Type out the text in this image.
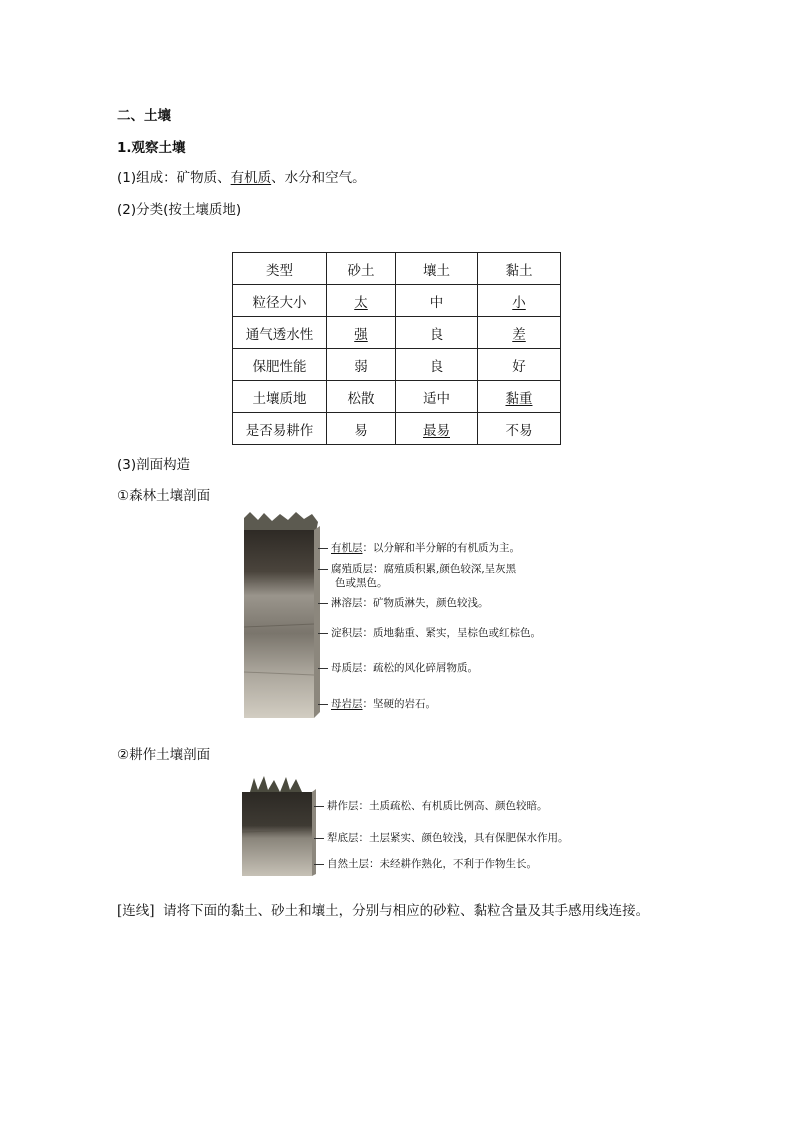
二、土壤
1.观察土壤
(1)组成：矿物质、有机质、水分和空气。
(2)分类(按土壤质地)
类型	砂土	壤土	黏土
粒径大小	太	中	小
通气透水性	强	良	差
保肥性能	弱	良	好
土壤质地	松散	适中	黏重
是否易耕作	易	最易	不易
(3)剖面构造
①森林土壤剖面
有机层：以分解和半分解的有机质为主。
腐殖质层：腐殖质积累,颜色较深,呈灰黑
色或黑色。
淋溶层：矿物质淋失，颜色较浅。
淀积层：质地黏重、紧实，呈棕色或红棕色。
母质层：疏松的风化碎屑物质。
母岩层：坚硬的岩石。
②耕作土壤剖面
耕作层：土质疏松、有机质比例高、颜色较暗。
犁底层：土层紧实、颜色较浅，具有保肥保水作用。
自然土层：未经耕作熟化，不利于作物生长。
[连线] 请将下面的黏土、砂土和壤土，分别与相应的砂粒、黏粒含量及其手感用线连接。
